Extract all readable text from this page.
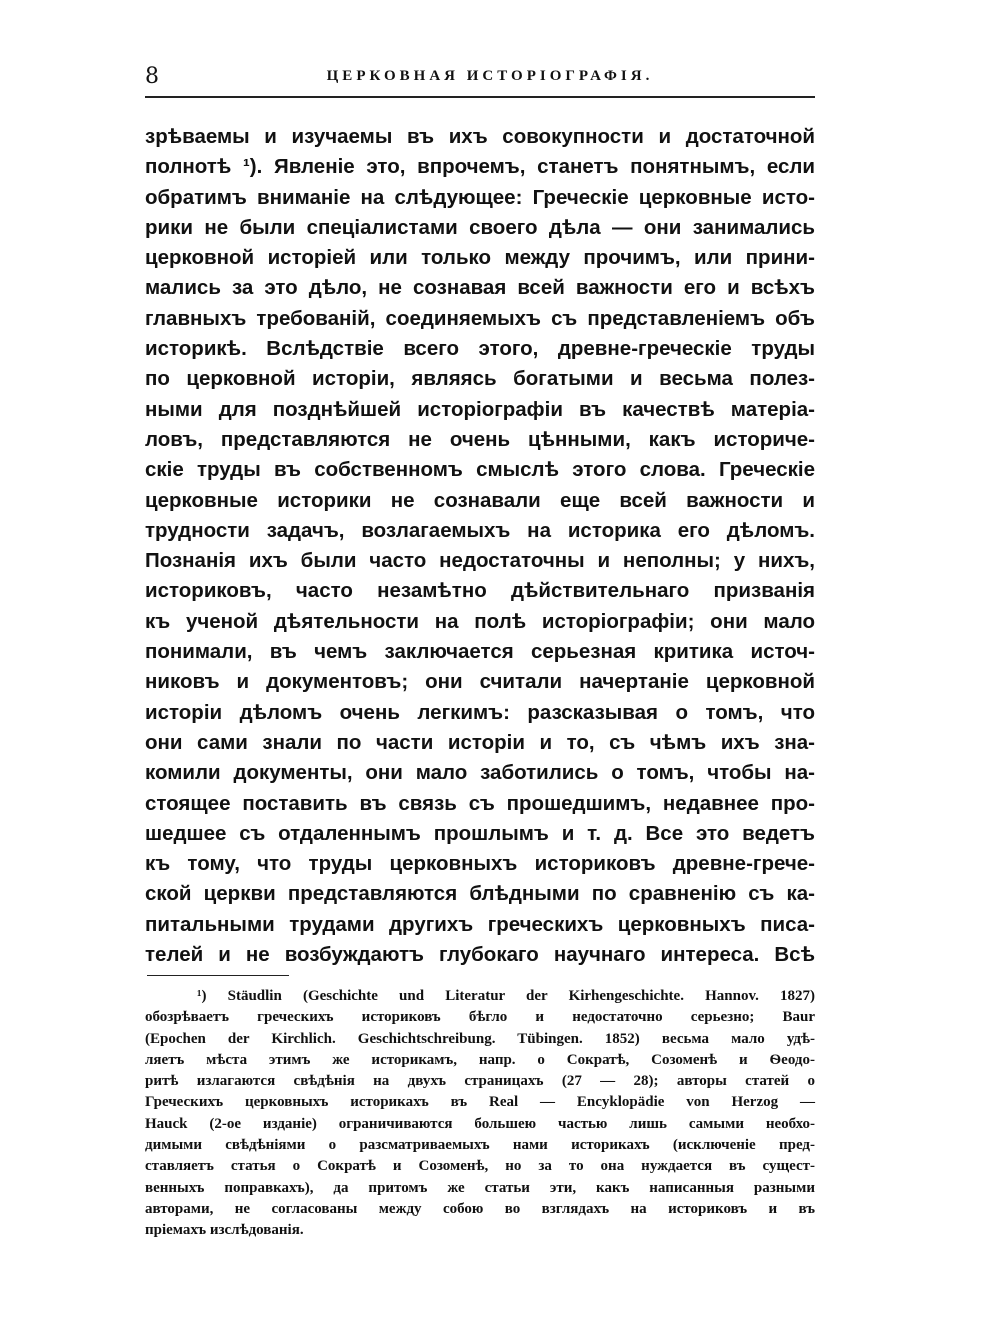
8	ЦЕРКОВНАЯ ИСТОРІОГРАФІЯ.
зрѣваемы и изучаемы въ ихъ совокупности и достаточной
полнотѣ ¹). Явленіе это, впрочемъ, станетъ понятнымъ, если
обратимъ вниманіе на слѣдующее: Греческіе церковные исто-
рики не были спеціалистами своего дѣла — они занимались
церковной исторіей или только между прочимъ, или прини-
мались за это дѣло, не сознавая всей важности его и всѣхъ
главныхъ требованій, соединяемыхъ съ представленіемъ объ
историкѣ. Вслѣдствіе всего этого, древне-греческіе труды
по церковной исторіи, являясь богатыми и весьма полез-
ными для позднѣйшей исторіографіи въ качествѣ матеріа-
ловъ, представляются не очень цѣнными, какъ историче-
скіе труды въ собственномъ смыслѣ этого слова. Греческіе
церковные историки не сознавали еще всей важности и
трудности задачъ, возлагаемыхъ на историка его дѣломъ.
Познанія ихъ были часто недостаточны и неполны; у нихъ,
историковъ, часто незамѣтно дѣйствительнаго призванія
къ ученой дѣятельности на полѣ исторіографіи; они мало
понимали, въ чемъ заключается серьезная критика источ-
никовъ и документовъ; они считали начертаніе церковной
исторіи дѣломъ очень легкимъ: разсказывая о томъ, что
они сами знали по части исторіи и то, съ чѣмъ ихъ зна-
комили документы, они мало заботились о томъ, чтобы на-
стоящее поставить въ связь съ прошедшимъ, недавнее про-
шедшее съ отдаленнымъ прошлымъ и т. д. Все это ведетъ
къ тому, что труды церковныхъ историковъ древне-грече-
ской церкви представляются блѣдными по сравненію съ ка-
питальными трудами другихъ греческихъ церковныхъ писа-
телей и не возбуждаютъ глубокаго научнаго интереса. Всѣ
¹) Stäudlin (Geschichte und Literatur der Kirhengeschichte. Hannov. 1827)
обозрѣваетъ греческихъ историковъ бѣгло и недостаточно серьезно; Baur
(Epochen der Kirchlich. Geschichtschreibung. Tübingen. 1852) весьма мало удѣ-
ляетъ мѣста этимъ же историкамъ, напр. о Сократѣ, Созоменѣ и Ѳеодо-
ритѣ излагаются свѣдѣнія на двухъ страницахъ (27 — 28); авторы статей о
Греческихъ церковныхъ историкахъ въ Real — Encyklopädie von Herzog —
Hauck (2-ое изданіе) ограничиваются большею частью лишь самыми необхо-
димыми свѣдѣніями о разсматриваемыхъ нами историкахъ (исключеніе пред-
ставляетъ статья о Сократѣ и Созоменѣ, но за то она нуждается въ сущест-
венныхъ поправкахъ), да притомъ же статьи эти, какъ написанныя разными
авторами, не согласованы между собою во взглядахъ на историковъ и въ
пріемахъ изслѣдованія.
